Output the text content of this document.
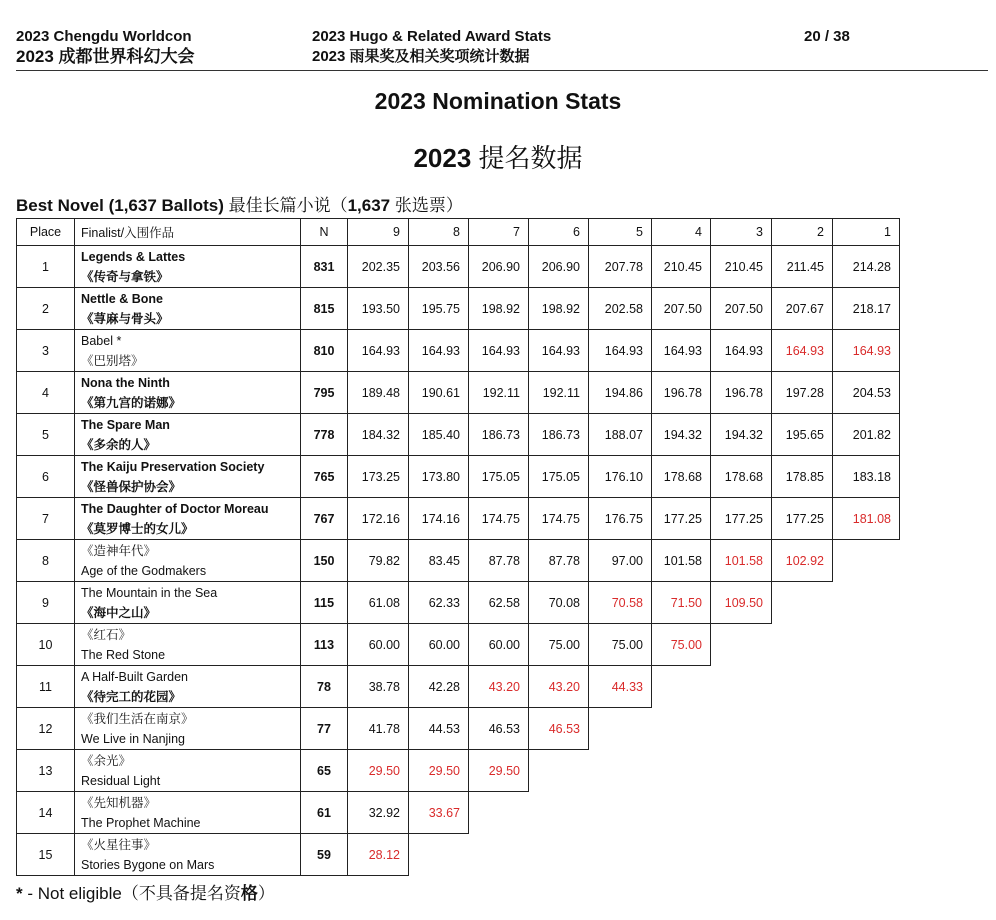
2023 Chengdu Worldcon
2023 成都世界科幻大会
2023 Hugo & Related Award Stats
2023 雨果奖及相关奖项统计数据
20 / 38
2023 Nomination Stats
2023 提名数据
Best Novel (1,637 Ballots) 最佳长篇小说（1,637 张选票）
Place	Finalist/入围作品	N	9	8	7	6	5	4	3	2	1
1	Legends & Lattes
《传奇与拿铁》	831	202.35	203.56	206.90	206.90	207.78	210.45	210.45	211.45	214.28
2	Nettle & Bone
《荨麻与骨头》	815	193.50	195.75	198.92	198.92	202.58	207.50	207.50	207.67	218.17
3	Babel *
《巴别塔》	810	164.93	164.93	164.93	164.93	164.93	164.93	164.93	164.93	164.93
4	Nona the Ninth
《第九宫的诺娜》	795	189.48	190.61	192.11	192.11	194.86	196.78	196.78	197.28	204.53
5	The Spare Man
《多余的人》	778	184.32	185.40	186.73	186.73	188.07	194.32	194.32	195.65	201.82
6	The Kaiju Preservation Society
《怪兽保护协会》	765	173.25	173.80	175.05	175.05	176.10	178.68	178.68	178.85	183.18
7	The Daughter of Doctor Moreau
《莫罗博士的女儿》	767	172.16	174.16	174.75	174.75	176.75	177.25	177.25	177.25	181.08
8	《造神年代》
Age of the Godmakers	150	79.82	83.45	87.78	87.78	97.00	101.58	101.58	102.92	
9	The Mountain in the Sea
《海中之山》	115	61.08	62.33	62.58	70.08	70.58	71.50	109.50		
10	《红石》
The Red Stone	113	60.00	60.00	60.00	75.00	75.00	75.00			
11	A Half-Built Garden
《待完工的花园》	78	38.78	42.28	43.20	43.20	44.33				
12	《我们生活在南京》
We Live in Nanjing	77	41.78	44.53	46.53	46.53					
13	《余光》
Residual Light	65	29.50	29.50	29.50						
14	《先知机器》
The Prophet Machine	61	32.92	33.67							
15	《火星往事》
Stories Bygone on Mars	59	28.12								
* - Not eligible（不具备提名资格）
